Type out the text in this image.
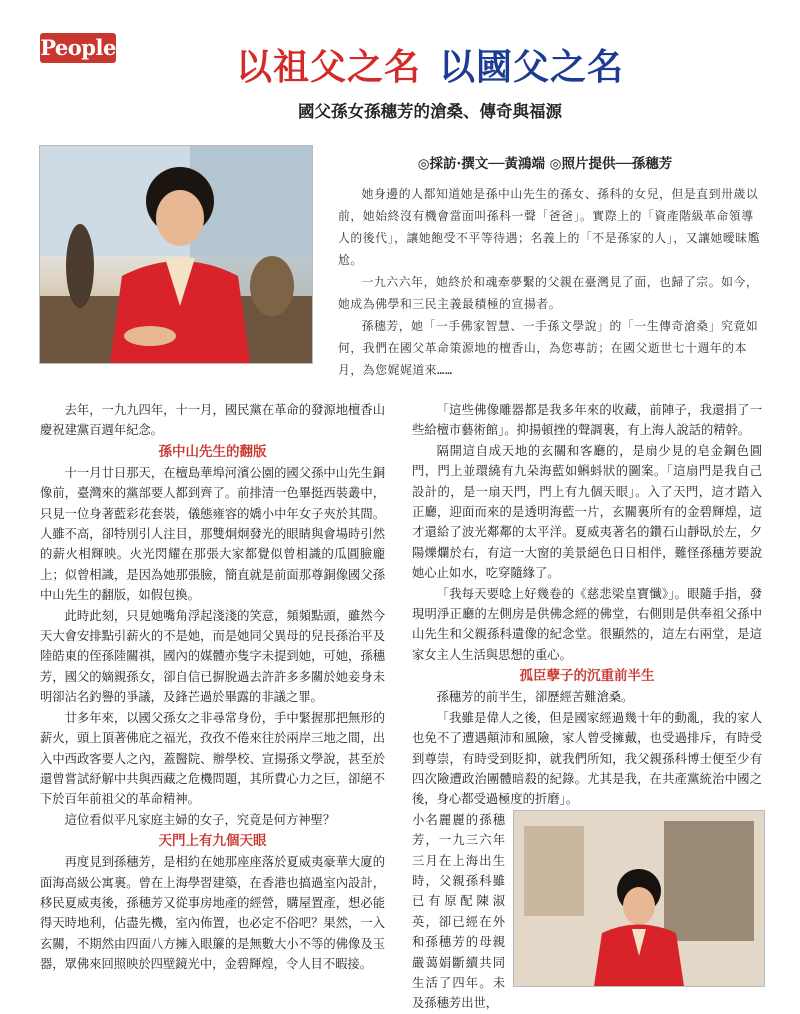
People	以祖父之名 以國父之名
國父孫女孫穗芳的滄桑、傳奇與福源
◎採訪·撰文──黃鴻端 ◎照片提供──孫穗芳

她身邊的人都知道她是孫中山先生的孫女、孫科的女兒，但是直到卅歲以前，她始終沒有機會當面叫孫科一聲「爸爸」。實際上的「資產階級革命領導人的後代」，讓她飽受不平等待遇；名義上的「不是孫家的人」，又讓她曖昧尷尬。

一九六六年，她終於和魂牽夢繫的父親在臺灣見了面，也歸了宗。如今，她成為佛學和三民主義最積極的宣揚者。

孫穗芳，她「一手佛家智慧、一手孫文學說」的「一生傳奇滄桑」究竟如何，我們在國父革命策源地的檀香山，為您專訪；在國父逝世七十週年的本月，為您娓娓道來……

去年，一九九四年，十一月，國民黨在革命的發源地檀香山慶祝建黨百週年紀念。

孫中山先生的翻版

十一月廿日那天，在檀島華埠河濱公園的國父孫中山先生銅像前，臺灣來的黨部要人都到齊了。前排清一色畢挺西裝叢中，只見一位身著藍彩花套裝，儀態雍容的嬌小中年女子夾於其間。人雖不高，卻特別引人注目，那雙炯炯發光的眼睛與會場時引然的薪火相輝映。火光閃耀在那張大家都覺似曾相識的瓜圓臉龐上；似曾相識，是因為她那張臉，簡直就是前面那尊銅像國父孫中山先生的翻版，如假包換。

此時此刻，只見她嘴角浮起淺淺的笑意，頻頻點頭，雖然今天大會安排點引薪火的不是她，而是她同父異母的兒長孫治平及陸皓東的侄孫陸關祺，國內的媒體亦隻字未提到她，可她，孫穗芳，國父的嫡親孫女，卻自信已摒脫過去許許多多關於她妾身未明卻沾名釣譽的爭議，及鋒芒過於畢露的非議之罪。

廿多年來，以國父孫女之非尋常身份，手中緊握那把無形的薪火，頭上頂著佛庇之福光，孜孜不倦來往於兩岸三地之間，出入中西政客要人之內，蓋醫院、辦學校、宣揚孫文學說，甚至於還曾嘗試紓解中共與西藏之危機問題，其所費心力之巨，卻絕不下於百年前祖父的革命精神。

這位看似平凡家庭主婦的女子，究竟是何方神聖？

天門上有九個天眼

再度見到孫穗芳，是相約在她那座座落於夏威夷豪華大廈的面海高級公寓裏。曾在上海學習建築，在香港也搞過室內設計，移民夏威夷後，孫穗芳又從事房地產的經營，購屋置產，想必能得天時地利，佔盡先機，室內佈置，也必定不俗吧？果然，一入玄關，不期然由四面八方擁入眼簾的是無數大小不等的佛像及玉器，眾佛來回照映於四壁鏡光中，金碧輝煌，令人目不暇接。

「這些佛像雕器都是我多年來的收藏，前陣子，我還捐了一些給檀市藝術館」。抑揚頓挫的聲調裏，有上海人說話的精幹。

隔開這自成天地的玄關和客廳的，是扇少見的皂金鋼色圓門，門上並環繞有九朵海藍如蝌蚪狀的圖案。「這扇門是我自己設計的，是一扇天門，門上有九個天眼」。入了天門，這才踏入正廳，迎面而來的是透明海藍一片，玄關裏所有的金碧輝煌，這才還給了波光鄰鄰的太平洋。夏威夷著名的鑽石山靜臥於左，夕陽爍爛於右，有這一大窗的美景絕色日日相伴，難怪孫穗芳要說她心止如水，吃穿隨緣了。

「我每天要唸上好幾卷的《慈悲梁皇寶懺》」。眼隨手指，發現明淨正廳的左側房是供佛念經的佛堂，右側則是供奉祖父孫中山先生和父親孫科遺像的紀念堂。很顯然的，這左右兩堂，是這家女主人生活與思想的重心。

孤臣孽子的沉重前半生

孫穗芳的前半生，卻歷經苦難滄桑。

「我雖是偉人之後，但是國家經過幾十年的動亂，我的家人也免不了遭遇顛沛和風險，家人曾受擁戴，也受過排斥，有時受到尊崇，有時受到貶抑，就我們所知，我父親孫科博士便至少有四次險遭政治團體暗殺的紀錄。尤其是我，在共產黨統治中國之後，身心都受過極度的折磨」。

小名麗麗的孫穗芳，一九三六年三月在上海出生時，父親孫科雖已有原配陳淑英，卻已經在外和孫穗芳的母親嚴蔼娟斷續共同生活了四年。未及孫穗芳出世，
